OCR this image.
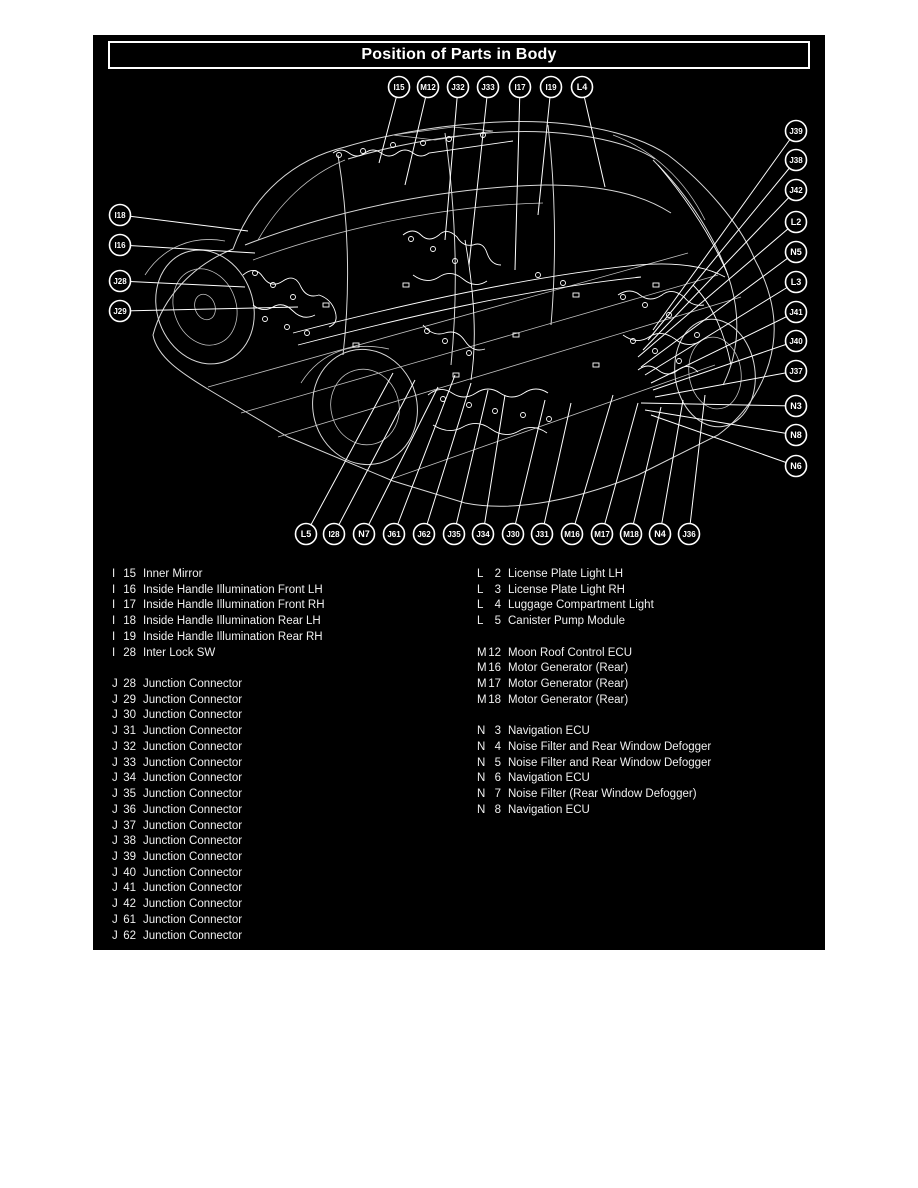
Position of Parts in Body
I15 M12 J32 J33 I17 I19 L4
J39
J38
J42
L2
N5
L3
J41
J40
J37
N3
N8
N6
I18
I16
J28
J29
L5 I28 N7 J61 J62 J35 J34 J30 J31 M16 M17 M18 N4 J36
I 15 Inner Mirror
I 16 Inside Handle Illumination Front LH
I 17 Inside Handle Illumination Front RH
I 18 Inside Handle Illumination Rear LH
I 19 Inside Handle Illumination Rear RH
I 28 Inter Lock SW
J 28 Junction Connector
J 29 Junction Connector
J 30 Junction Connector
J 31 Junction Connector
J 32 Junction Connector
J 33 Junction Connector
J 34 Junction Connector
J 35 Junction Connector
J 36 Junction Connector
J 37 Junction Connector
J 38 Junction Connector
J 39 Junction Connector
J 40 Junction Connector
J 41 Junction Connector
J 42 Junction Connector
J 61 Junction Connector
J 62 Junction Connector
L 2 License Plate Light LH
L 3 License Plate Light RH
L 4 Luggage Compartment Light
L 5 Canister Pump Module
M 12 Moon Roof Control ECU
M 16 Motor Generator (Rear)
M 17 Motor Generator (Rear)
M 18 Motor Generator (Rear)
N 3 Navigation ECU
N 4 Noise Filter and Rear Window Defogger
N 5 Noise Filter and Rear Window Defogger
N 6 Navigation ECU
N 7 Noise Filter (Rear Window Defogger)
N 8 Navigation ECU
